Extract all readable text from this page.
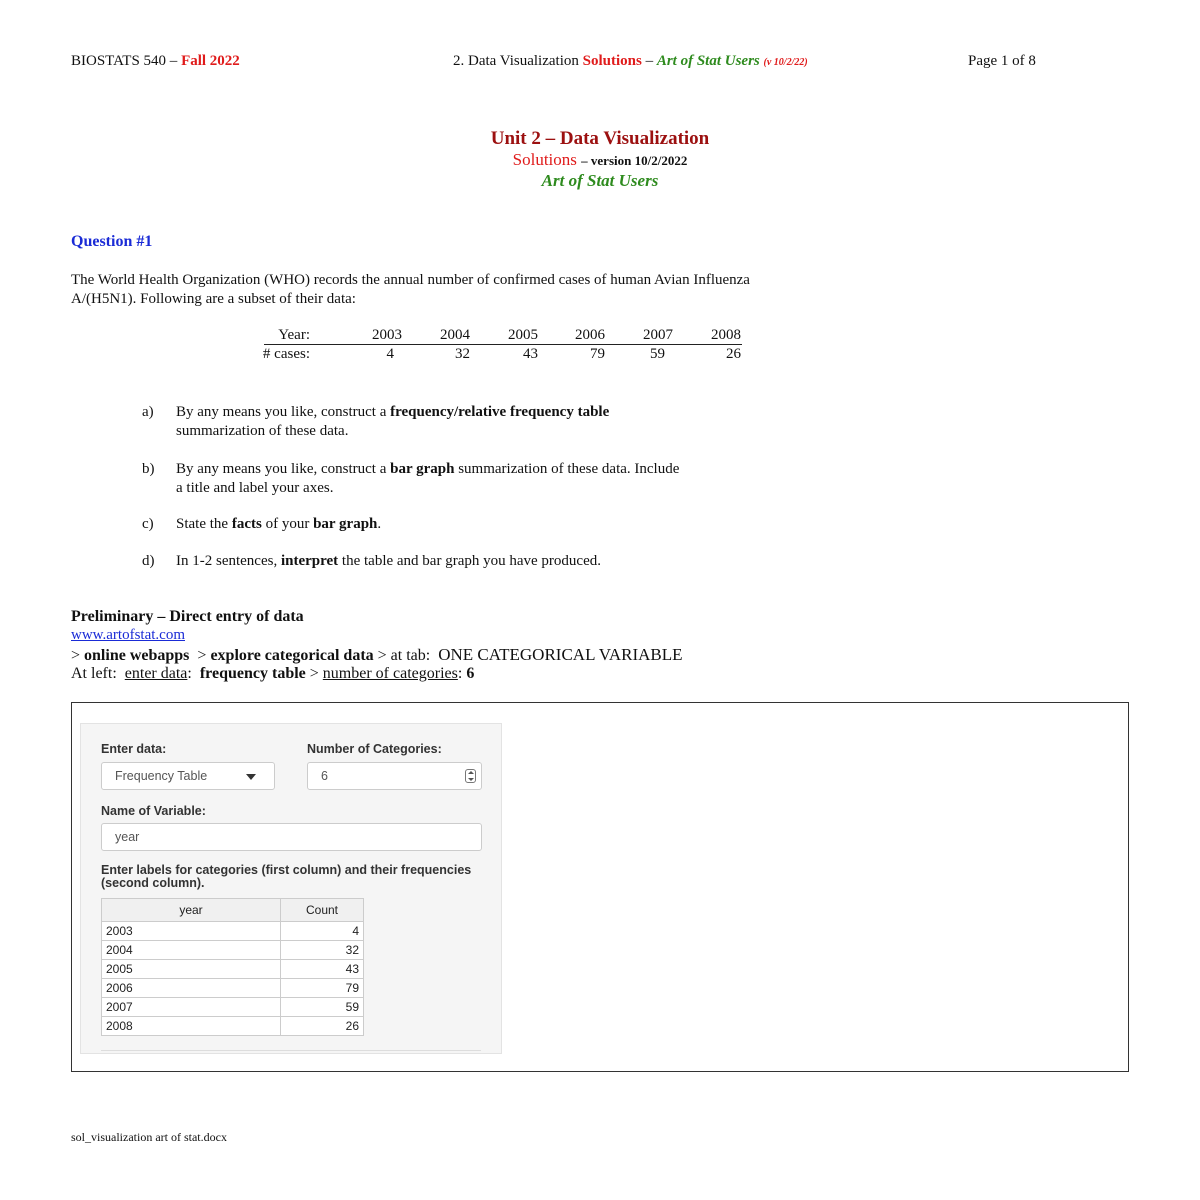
BIOSTATS 540 – Fall 2022	2. Data Visualization Solutions – Art of Stat Users (v 10/2/22)	Page 1 of 8
Unit 2 – Data Visualization
Solutions – version 10/2/2022
Art of Stat Users
Question #1

The World Health Organization (WHO) records the annual number of confirmed cases of human Avian Influenza

A/(H5N1). Following are a subset of their data:

Year:	2003	2004	2005	2006	2007	2008
# cases:	4	32	43	79	59	26
a) By any means you like, construct a frequency/relative frequency table
summarization of these data.
b) By any means you like, construct a bar graph summarization of these data. Include
a title and label your axes.
c) State the facts of your bar graph.
d) In 1-2 sentences, interpret the table and bar graph you have produced.
Preliminary – Direct entry of data
www.artofstat.com
> online webapps > explore categorical data > at tab: ONE CATEGORICAL VARIABLE
At left: enter data: frequency table > number of categories: 6
Enter data:
Frequency Table
Number of Categories:
6
Name of Variable:
year
Enter labels for categories (first column) and their frequencies (second column).
year	Count
2003	4
2004	32
2005	43
2006	79
2007	59
2008	26
sol_visualization art of stat.docx
